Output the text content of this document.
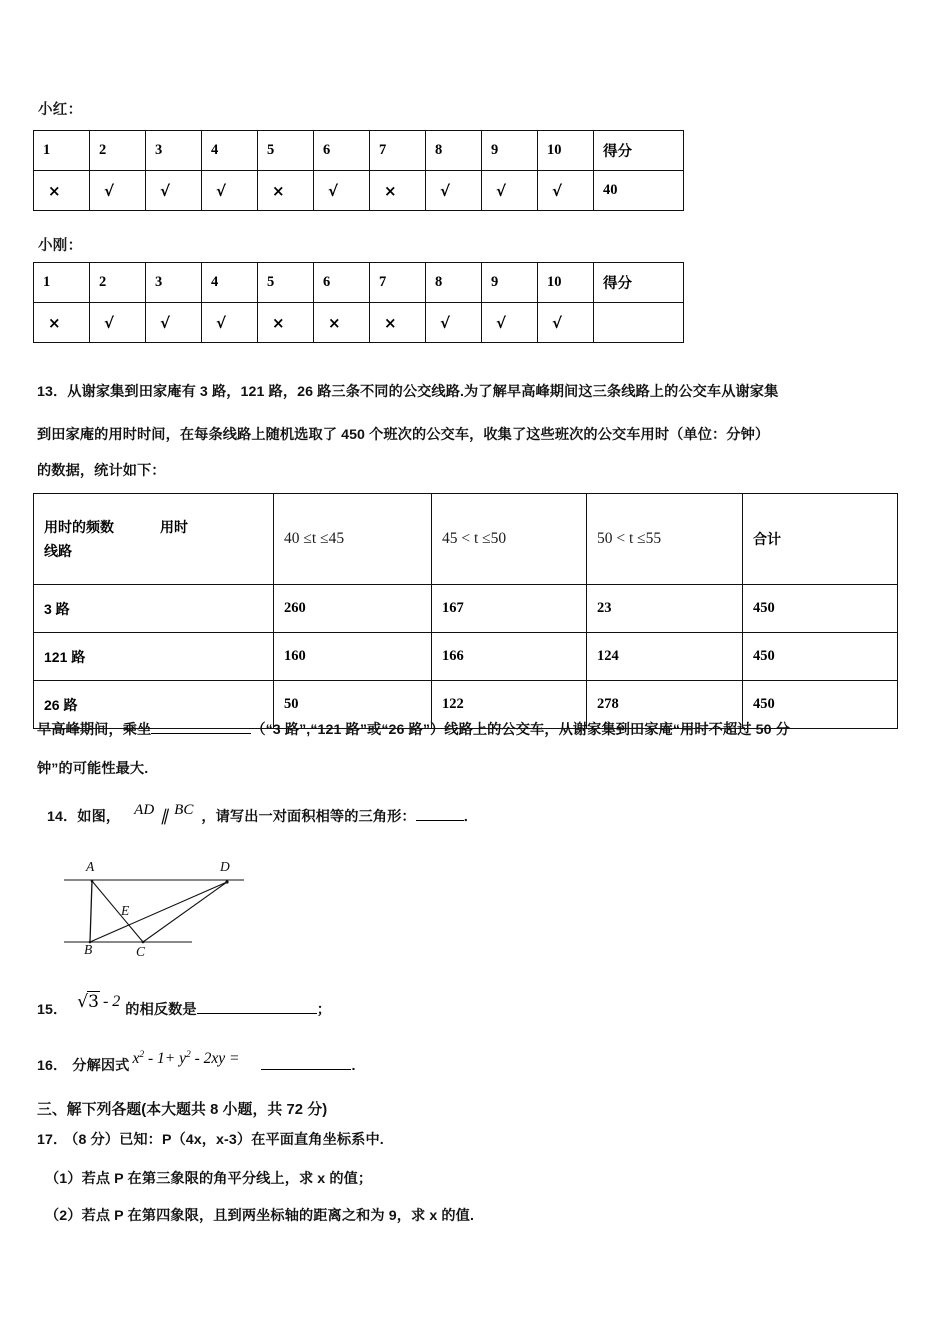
小红：
1	2	3	4	5	6	7	8	9	10	得分
×	√	√	√	×	√	×	√	√	√	40
小刚：
1	2	3	4	5	6	7	8	9	10	得分
×	√	√	√	×	×	×	√	√	√	
13．从谢家集到田家庵有 3 路，121 路，26 路三条不同的公交线路.为了解早高峰期间这三条线路上的公交车从谢家集
到田家庵的用时时间，在每条线路上随机选取了 450 个班次的公交车，收集了这些班次的公交车用时（单位：分钟）
的数据，统计如下：
用时的频数 用时
线路	40 ≤t ≤45	45 < t ≤50	50 < t ≤55	合计
3 路	260	167	23	450
121 路	160	166	124	450
26 路	50	122	278	450
早高峰期间，乘坐	（“3 路”,“121 路”或“26 路”）线路上的公交车，从谢家集到田家庵“用时不超过 50 分
钟”的可能性最大.
14．如图， AD ∥ BC ，请写出一对面积相等的三角形：	．
A	D
E
B	C
15． √3 - 2 的相反数是	；
16． 分解因式 $x^2 - 1+ y^2 - 2xy$ =	.
三、解下列各题(本大题共 8 小题，共 72 分)
17． （8 分）已知：P（4x，x-3）在平面直角坐标系中.
（1）若点 P 在第三象限的角平分线上，求 x 的值；
（2）若点 P 在第四象限，且到两坐标轴的距离之和为 9，求 x 的值.
